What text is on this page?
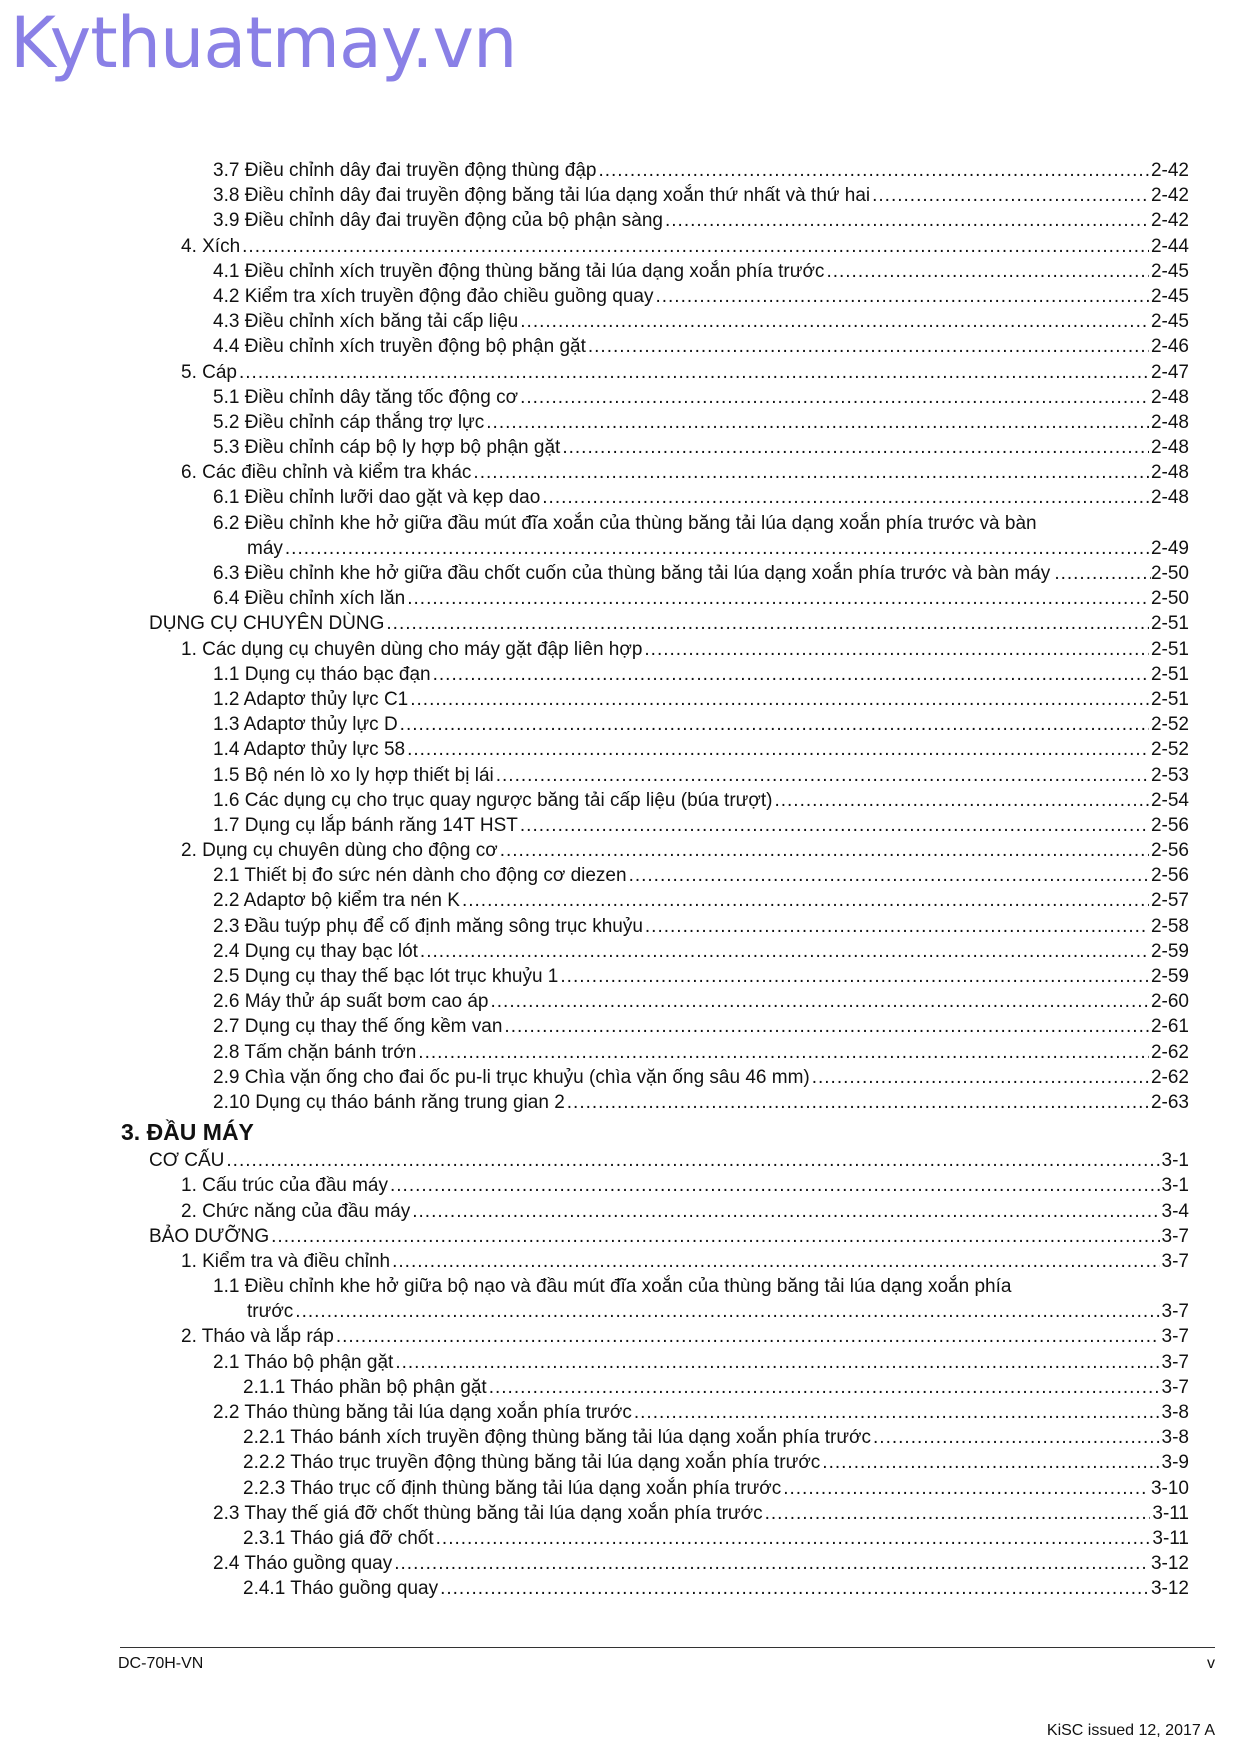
Kythuatmay.vn
3.7 Điều chỉnh dây đai truyền động thùng đập .....	2-42
3.8 Điều chỉnh dây đai truyền động băng tải lúa dạng xoắn thứ nhất và thứ hai .....	2-42
3.9 Điều chỉnh dây đai truyền động của bộ phận sàng .....	2-42
4. Xích .....	2-44
4.1 Điều chỉnh xích truyền động thùng băng tải lúa dạng xoắn phía trước .....	2-45
4.2 Kiểm tra xích truyền động đảo chiều guồng quay .....	2-45
4.3 Điều chỉnh xích băng tải cấp liệu .....	2-45
4.4 Điều chỉnh xích truyền động bộ phận gặt .....	2-46
5. Cáp .....	2-47
5.1 Điều chỉnh dây tăng tốc động cơ .....	2-48
5.2 Điều chỉnh cáp thắng trợ lực .....	2-48
5.3 Điều chỉnh cáp bộ ly hợp bộ phận gặt .....	2-48
6. Các điều chỉnh và kiểm tra khác .....	2-48
6.1 Điều chỉnh lưỡi dao gặt và kẹp dao .....	2-48
6.2 Điều chỉnh khe hở giữa đầu mút đĩa xoắn của thùng băng tải lúa dạng xoắn phía trước và bàn
máy .....	2-49
6.3 Điều chỉnh khe hở giữa đầu chốt cuốn của thùng băng tải lúa dạng xoắn phía trước và bàn máy .....	2-50
6.4 Điều chỉnh xích lăn .....	2-50
DỤNG CỤ CHUYÊN DÙNG .....	2-51
1. Các dụng cụ chuyên dùng cho máy gặt đập liên hợp .....	2-51
1.1 Dụng cụ tháo bạc đạn .....	2-51
1.2 Adaptơ thủy lực C1 .....	2-51
1.3 Adaptơ thủy lực D .....	2-52
1.4 Adaptơ thủy lực 58 .....	2-52
1.5 Bộ nén lò xo ly hợp thiết bị lái .....	2-53
1.6 Các dụng cụ cho trục quay ngược băng tải cấp liệu (búa trượt) .....	2-54
1.7 Dụng cụ lắp bánh răng 14T HST .....	2-56
2. Dụng cụ chuyên dùng cho động cơ .....	2-56
2.1 Thiết bị đo sức nén dành cho động cơ diezen .....	2-56
2.2 Adaptơ bộ kiểm tra nén K .....	2-57
2.3 Đầu tuýp phụ để cố định măng sông trục khuỷu .....	2-58
2.4 Dụng cụ thay bạc lót .....	2-59
2.5 Dụng cụ thay thế bạc lót trục khuỷu 1 .....	2-59
2.6 Máy thử áp suất bơm cao áp .....	2-60
2.7 Dụng cụ thay thế ống kềm van .....	2-61
2.8 Tấm chặn bánh trớn .....	2-62
2.9 Chìa vặn ống cho đai ốc pu-li trục khuỷu (chìa vặn ống sâu 46 mm) .....	2-62
2.10 Dụng cụ tháo bánh răng trung gian 2 .....	2-63
3. ĐẦU MÁY
CƠ CẤU .....	3-1
1. Cấu trúc của đầu máy .....	3-1
2. Chức năng của đầu máy .....	3-4
BẢO DƯỠNG .....	3-7
1. Kiểm tra và điều chỉnh .....	3-7
1.1 Điều chỉnh khe hở giữa bộ nạo và đầu mút đĩa xoắn của thùng băng tải lúa dạng xoắn phía
trước .....	3-7
2. Tháo và lắp ráp .....	3-7
2.1 Tháo bộ phận gặt .....	3-7
2.1.1 Tháo phần bộ phận gặt .....	3-7
2.2 Tháo thùng băng tải lúa dạng xoắn phía trước .....	3-8
2.2.1 Tháo bánh xích truyền động thùng băng tải lúa dạng xoắn phía trước .....	3-8
2.2.2 Tháo trục truyền động thùng băng tải lúa dạng xoắn phía trước .....	3-9
2.2.3 Tháo trục cố định thùng băng tải lúa dạng xoắn phía trước .....	3-10
2.3 Thay thế giá đỡ chốt thùng băng tải lúa dạng xoắn phía trước .....	3-11
2.3.1 Tháo giá đỡ chốt .....	3-11
2.4 Tháo guồng quay .....	3-12
2.4.1 Tháo guồng quay .....	3-12
DC-70H-VN	v
KiSC issued 12, 2017 A
